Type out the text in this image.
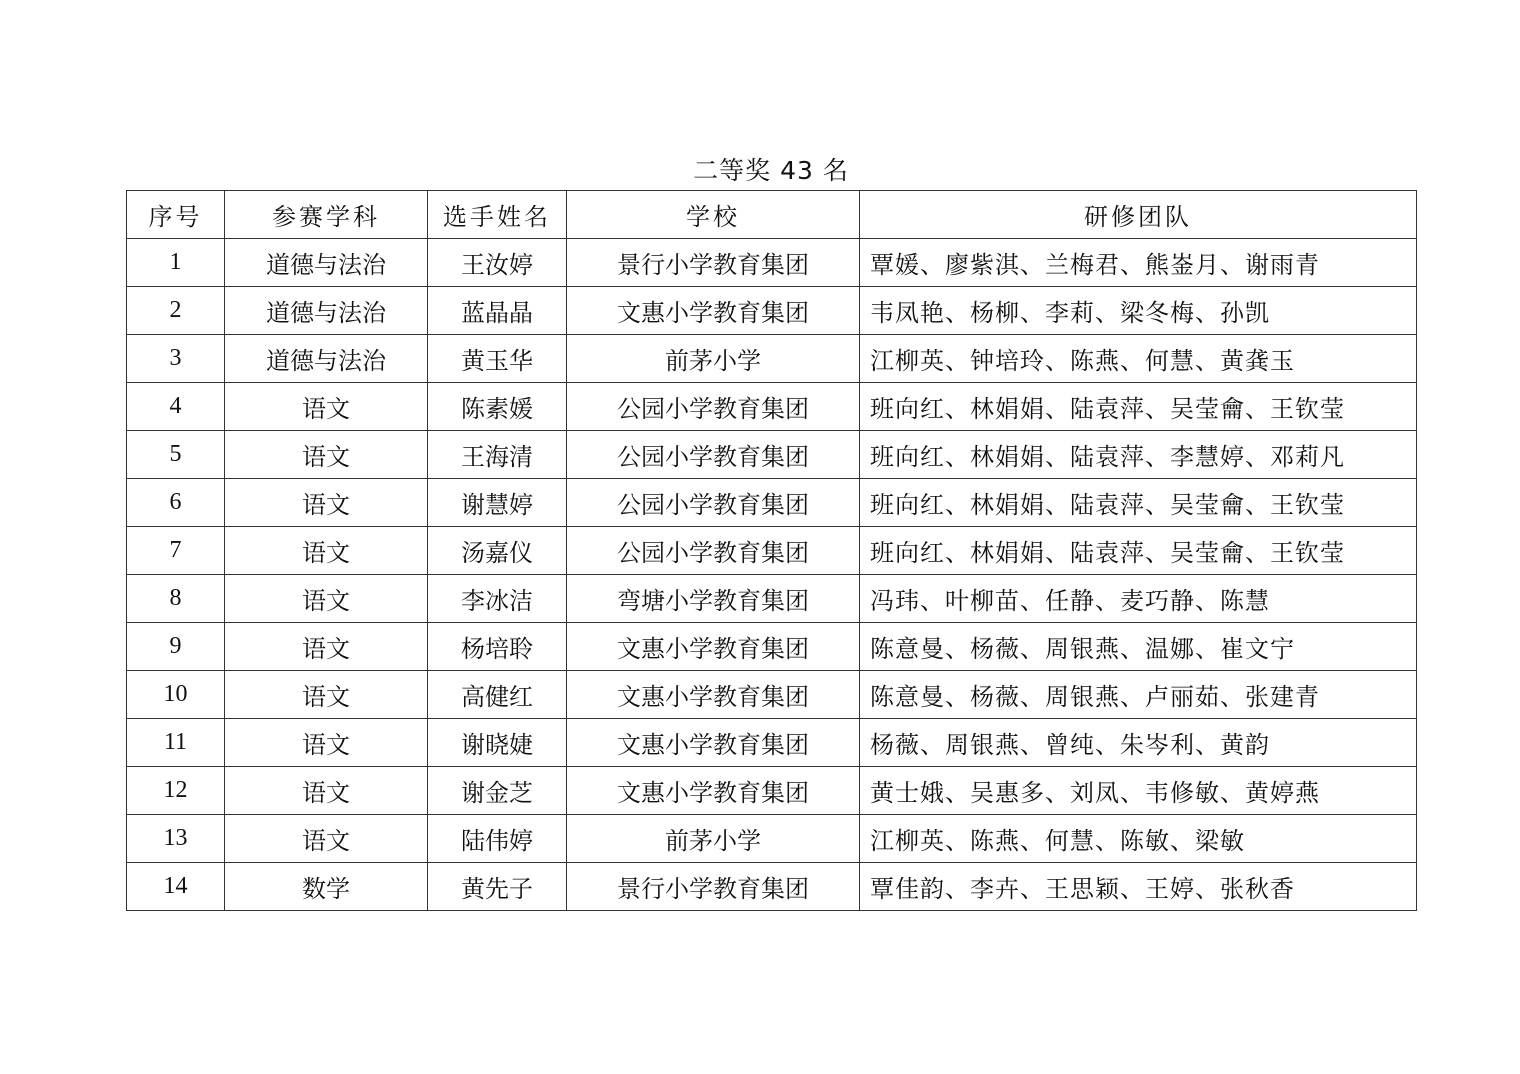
二等奖 43 名
序号	参赛学科	选手姓名	学校	研修团队
1	道德与法治	王汝婷	景行小学教育集团	覃媛、廖紫淇、兰梅君、熊崟月、谢雨青
2	道德与法治	蓝晶晶	文惠小学教育集团	韦凤艳、杨柳、李莉、梁冬梅、孙凯
3	道德与法治	黄玉华	前茅小学	江柳英、钟培玲、陈燕、何慧、黄龚玉
4	语文	陈素媛	公园小学教育集团	班向红、林娟娟、陆袁萍、吴莹龠、王钦莹
5	语文	王海清	公园小学教育集团	班向红、林娟娟、陆袁萍、李慧婷、邓莉凡
6	语文	谢慧婷	公园小学教育集团	班向红、林娟娟、陆袁萍、吴莹龠、王钦莹
7	语文	汤嘉仪	公园小学教育集团	班向红、林娟娟、陆袁萍、吴莹龠、王钦莹
8	语文	李冰洁	弯塘小学教育集团	冯玮、叶柳苗、任静、麦巧静、陈慧
9	语文	杨培聆	文惠小学教育集团	陈意曼、杨薇、周银燕、温娜、崔文宁
10	语文	高健红	文惠小学教育集团	陈意曼、杨薇、周银燕、卢丽茹、张建青
11	语文	谢晓婕	文惠小学教育集团	杨薇、周银燕、曾纯、朱岑利、黄韵
12	语文	谢金芝	文惠小学教育集团	黄士娥、吴惠多、刘凤、韦修敏、黄婷燕
13	语文	陆伟婷	前茅小学	江柳英、陈燕、何慧、陈敏、梁敏
14	数学	黄先子	景行小学教育集团	覃佳韵、李卉、王思颖、王婷、张秋香
